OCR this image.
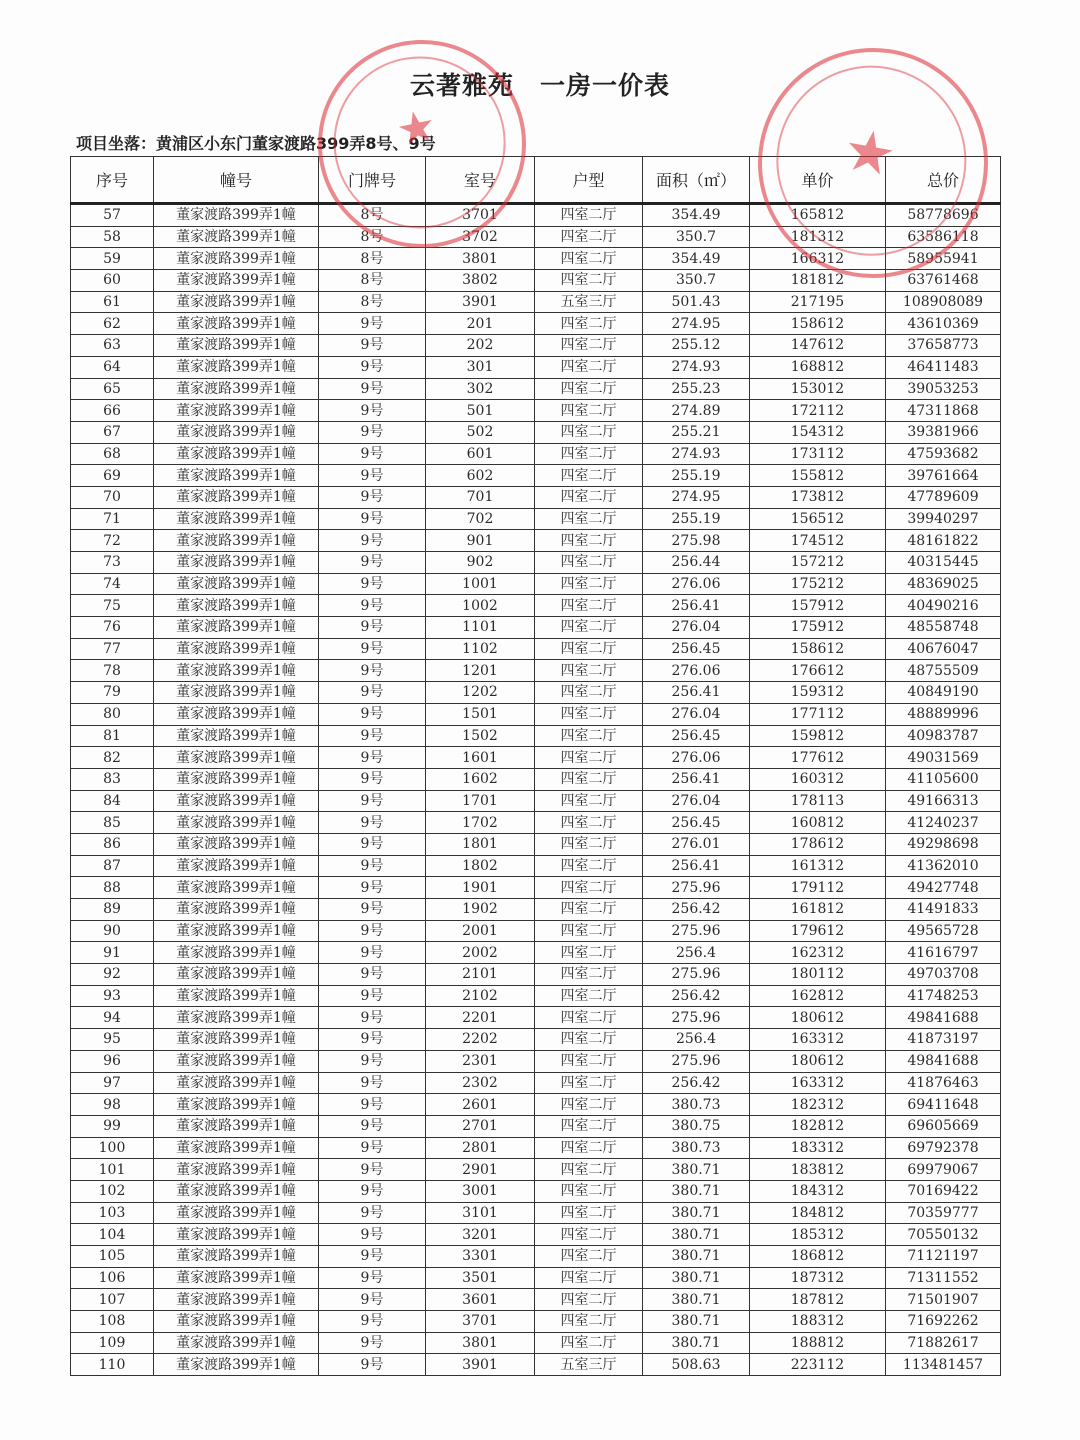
云著雅苑　一房一价表
项目坐落：黄浦区小东门董家渡路399弄8号、9号
序号	幢号	门牌号	室号	户型	面积（㎡）	单价	总价
57	董家渡路399弄1幢	8号	3701	四室二厅	354.49	165812	58778696
58	董家渡路399弄1幢	8号	3702	四室二厅	350.7	181312	63586118
59	董家渡路399弄1幢	8号	3801	四室二厅	354.49	166312	58955941
60	董家渡路399弄1幢	8号	3802	四室二厅	350.7	181812	63761468
61	董家渡路399弄1幢	8号	3901	五室三厅	501.43	217195	108908089
62	董家渡路399弄1幢	9号	201	四室二厅	274.95	158612	43610369
63	董家渡路399弄1幢	9号	202	四室二厅	255.12	147612	37658773
64	董家渡路399弄1幢	9号	301	四室二厅	274.93	168812	46411483
65	董家渡路399弄1幢	9号	302	四室二厅	255.23	153012	39053253
66	董家渡路399弄1幢	9号	501	四室二厅	274.89	172112	47311868
67	董家渡路399弄1幢	9号	502	四室二厅	255.21	154312	39381966
68	董家渡路399弄1幢	9号	601	四室二厅	274.93	173112	47593682
69	董家渡路399弄1幢	9号	602	四室二厅	255.19	155812	39761664
70	董家渡路399弄1幢	9号	701	四室二厅	274.95	173812	47789609
71	董家渡路399弄1幢	9号	702	四室二厅	255.19	156512	39940297
72	董家渡路399弄1幢	9号	901	四室二厅	275.98	174512	48161822
73	董家渡路399弄1幢	9号	902	四室二厅	256.44	157212	40315445
74	董家渡路399弄1幢	9号	1001	四室二厅	276.06	175212	48369025
75	董家渡路399弄1幢	9号	1002	四室二厅	256.41	157912	40490216
76	董家渡路399弄1幢	9号	1101	四室二厅	276.04	175912	48558748
77	董家渡路399弄1幢	9号	1102	四室二厅	256.45	158612	40676047
78	董家渡路399弄1幢	9号	1201	四室二厅	276.06	176612	48755509
79	董家渡路399弄1幢	9号	1202	四室二厅	256.41	159312	40849190
80	董家渡路399弄1幢	9号	1501	四室二厅	276.04	177112	48889996
81	董家渡路399弄1幢	9号	1502	四室二厅	256.45	159812	40983787
82	董家渡路399弄1幢	9号	1601	四室二厅	276.06	177612	49031569
83	董家渡路399弄1幢	9号	1602	四室二厅	256.41	160312	41105600
84	董家渡路399弄1幢	9号	1701	四室二厅	276.04	178113	49166313
85	董家渡路399弄1幢	9号	1702	四室二厅	256.45	160812	41240237
86	董家渡路399弄1幢	9号	1801	四室二厅	276.01	178612	49298698
87	董家渡路399弄1幢	9号	1802	四室二厅	256.41	161312	41362010
88	董家渡路399弄1幢	9号	1901	四室二厅	275.96	179112	49427748
89	董家渡路399弄1幢	9号	1902	四室二厅	256.42	161812	41491833
90	董家渡路399弄1幢	9号	2001	四室二厅	275.96	179612	49565728
91	董家渡路399弄1幢	9号	2002	四室二厅	256.4	162312	41616797
92	董家渡路399弄1幢	9号	2101	四室二厅	275.96	180112	49703708
93	董家渡路399弄1幢	9号	2102	四室二厅	256.42	162812	41748253
94	董家渡路399弄1幢	9号	2201	四室二厅	275.96	180612	49841688
95	董家渡路399弄1幢	9号	2202	四室二厅	256.4	163312	41873197
96	董家渡路399弄1幢	9号	2301	四室二厅	275.96	180612	49841688
97	董家渡路399弄1幢	9号	2302	四室二厅	256.42	163312	41876463
98	董家渡路399弄1幢	9号	2601	四室二厅	380.73	182312	69411648
99	董家渡路399弄1幢	9号	2701	四室二厅	380.75	182812	69605669
100	董家渡路399弄1幢	9号	2801	四室二厅	380.73	183312	69792378
101	董家渡路399弄1幢	9号	2901	四室二厅	380.71	183812	69979067
102	董家渡路399弄1幢	9号	3001	四室二厅	380.71	184312	70169422
103	董家渡路399弄1幢	9号	3101	四室二厅	380.71	184812	70359777
104	董家渡路399弄1幢	9号	3201	四室二厅	380.71	185312	70550132
105	董家渡路399弄1幢	9号	3301	四室二厅	380.71	186812	71121197
106	董家渡路399弄1幢	9号	3501	四室二厅	380.71	187312	71311552
107	董家渡路399弄1幢	9号	3601	四室二厅	380.71	187812	71501907
108	董家渡路399弄1幢	9号	3701	四室二厅	380.71	188312	71692262
109	董家渡路399弄1幢	9号	3801	四室二厅	380.71	188812	71882617
110	董家渡路399弄1幢	9号	3901	五室三厅	508.63	223112	113481457
★	★
